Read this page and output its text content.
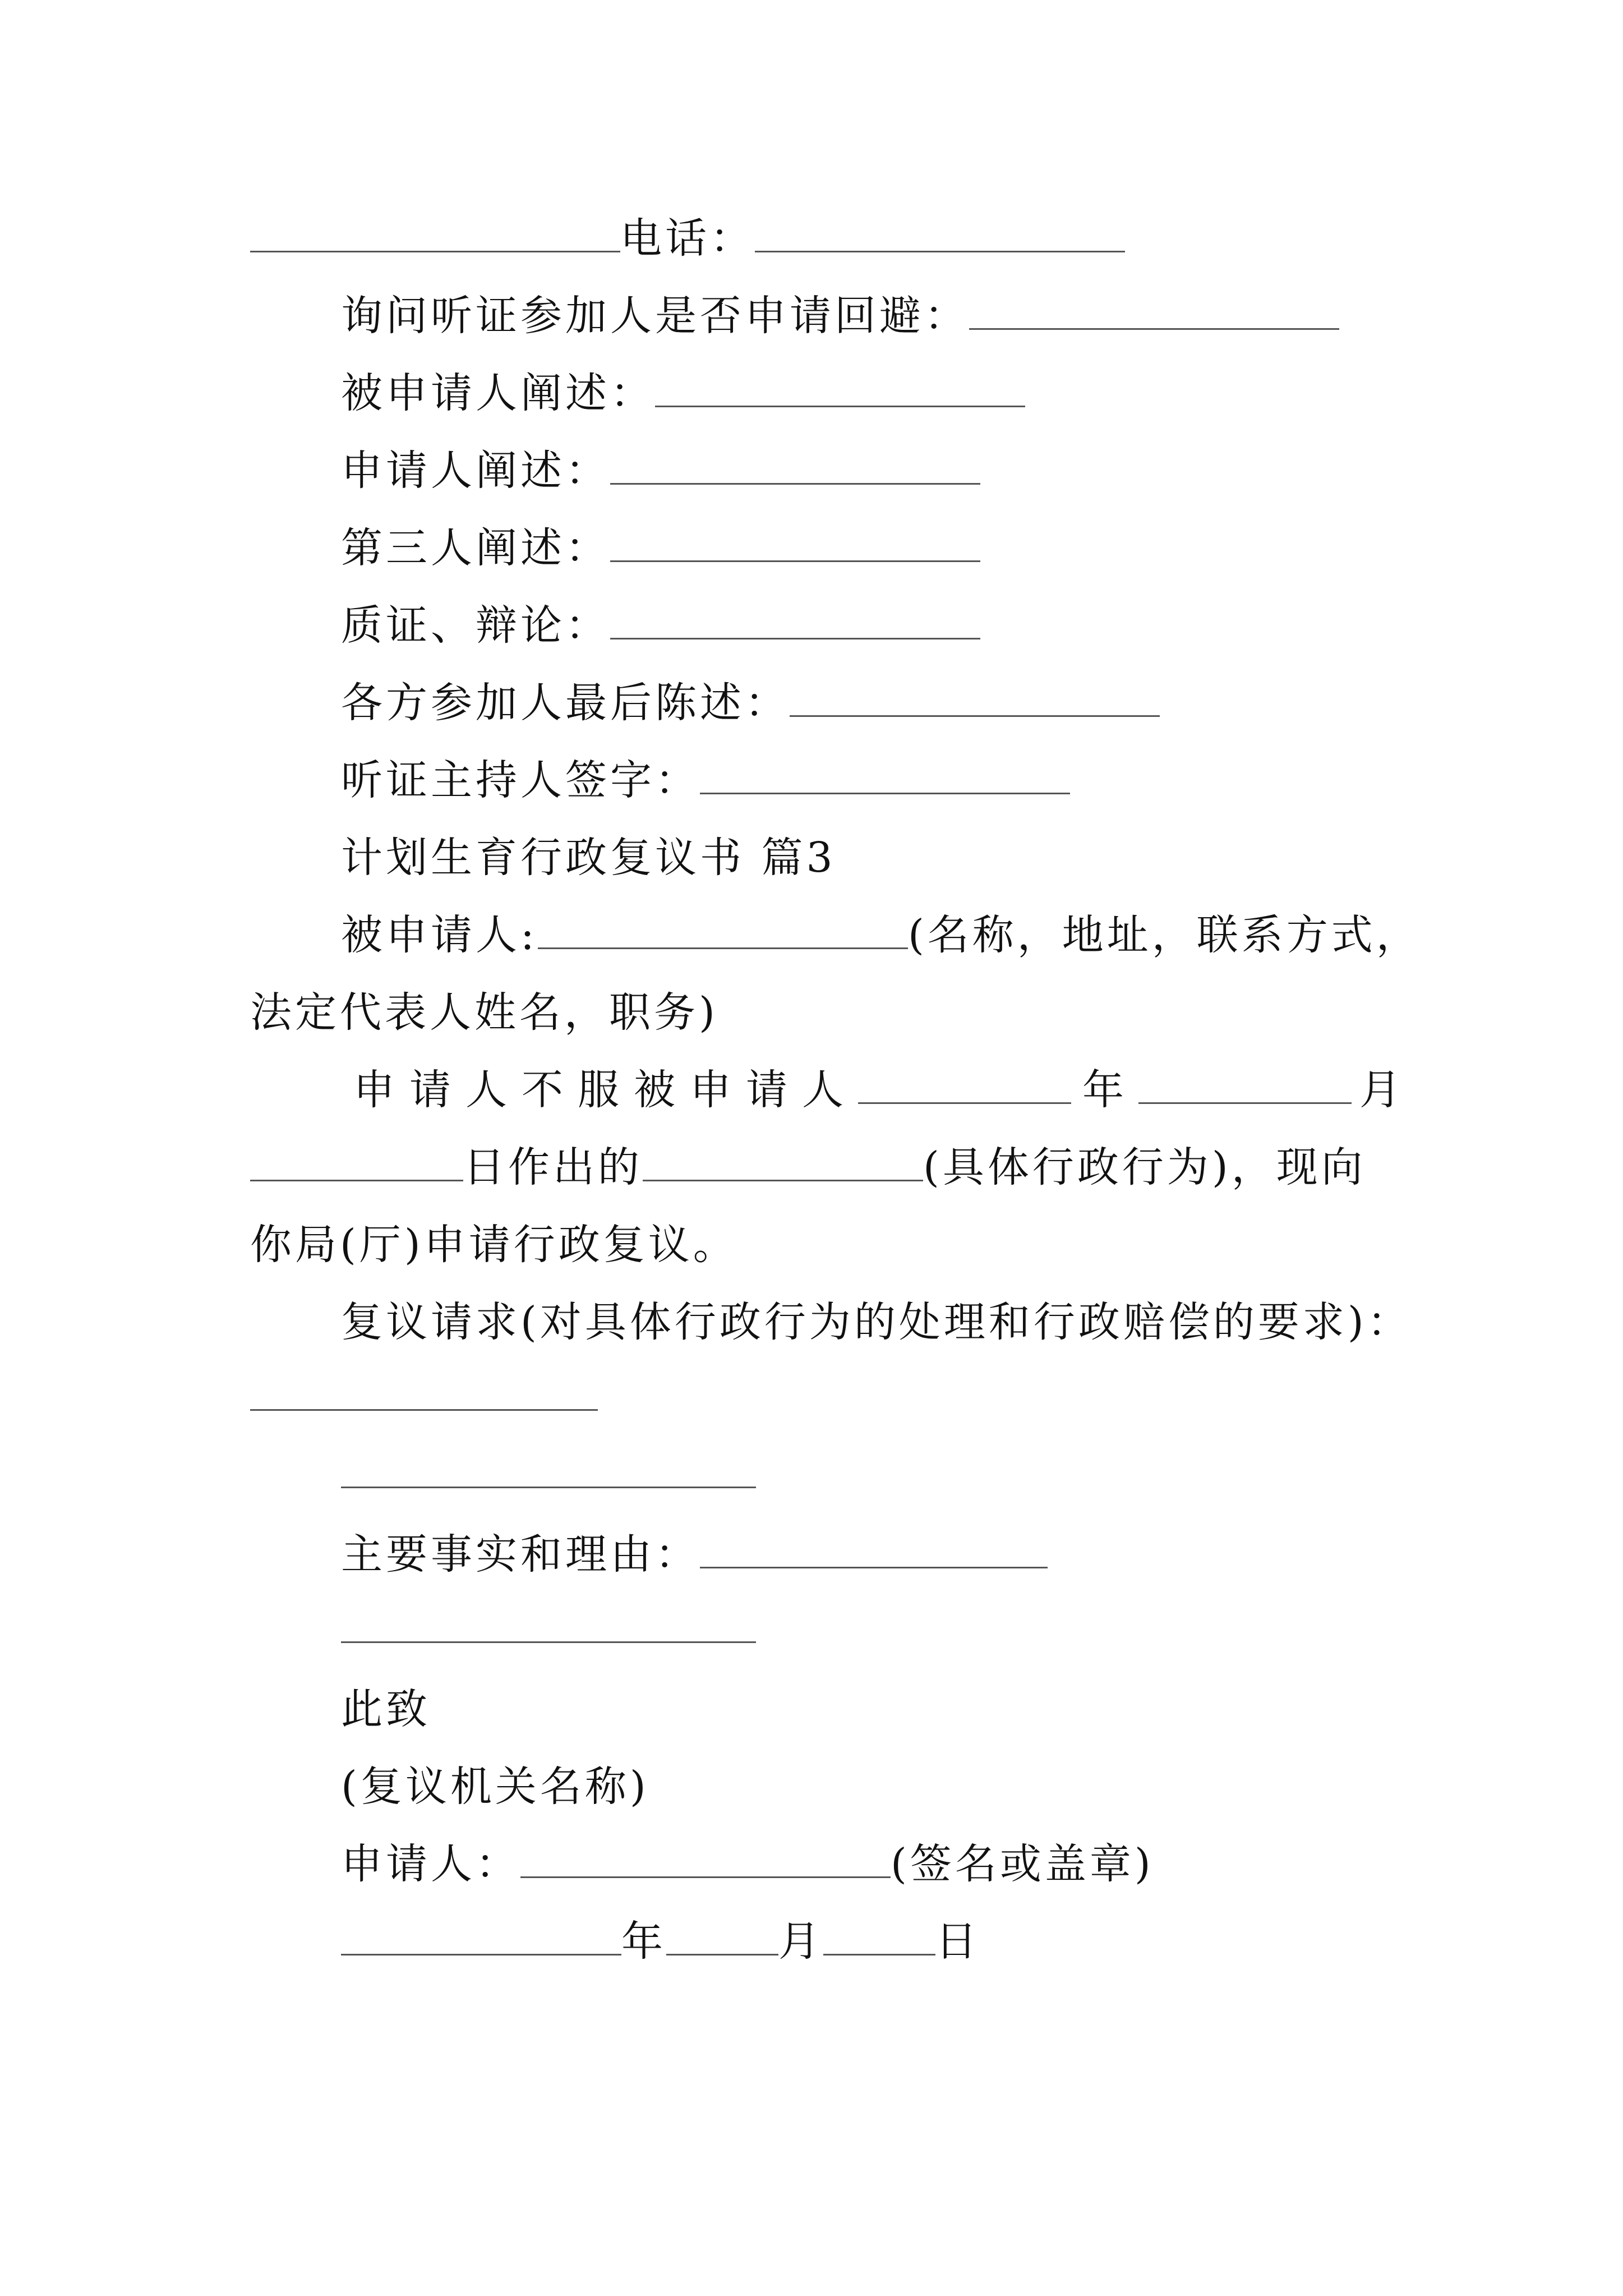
电话：
询问听证参加人是否申请回避：
被申请人阐述：
申请人阐述：
第三人阐述：
质证、辩论：
各方参加人最后陈述：
听证主持人签字：
计划生育行政复议书 篇3
被申请人:	(名称，地址，联系方式，
法定代表人姓名，职务)
申请人不服被申请人	年	月
日作出的	(具体行政行为)，现向
你局(厅)申请行政复议。
复议请求(对具体行政行为的处理和行政赔偿的要求)：
主要事实和理由：
此致
(复议机关名称)
申请人：	(签名或盖章)
年	月	日
